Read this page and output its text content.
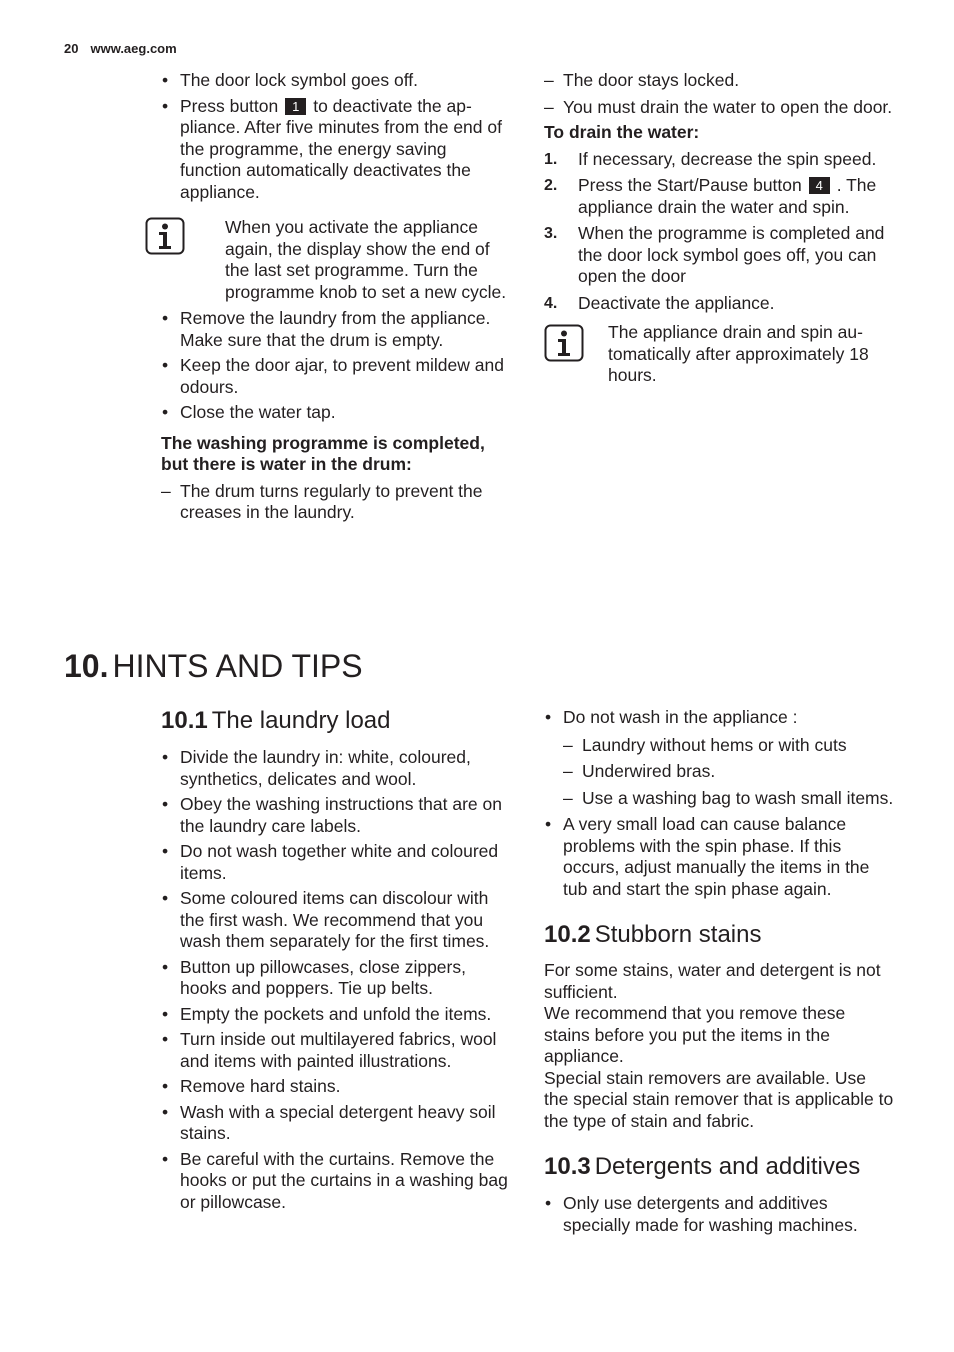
20 www.aeg.com
• The door lock symbol goes off.
• Press button 1 to deactivate the appliance. After five minutes from the end of the programme, the energy saving function automatically deactivates the appliance.
When you activate the appliance again, the display show the end of the last set programme. Turn the programme knob to set a new cycle.
• Remove the laundry from the appliance. Make sure that the drum is empty.
• Keep the door ajar, to prevent mildew and odours.
• Close the water tap.

The washing programme is completed, but there is water in the drum:

– The drum turns regularly to prevent the creases in the laundry.
– The door stays locked.
– You must drain the water to open the door.

To drain the water:

1. If necessary, decrease the spin speed.
2. Press the Start/Pause button 4 . The appliance drain the water and spin.
3. When the programme is completed and the door lock symbol goes off, you can open the door
4. Deactivate the appliance.
The appliance drain and spin automatically after approximately 18 hours.
10. HINTS AND TIPS
10.1 The laundry load
• Divide the laundry in: white, coloured, synthetics, delicates and wool.
• Obey the washing instructions that are on the laundry care labels.
• Do not wash together white and coloured items.
• Some coloured items can discolour with the first wash. We recommend that you wash them separately for the first times.
• Button up pillowcases, close zippers, hooks and poppers. Tie up belts.
• Empty the pockets and unfold the items.
• Turn inside out multilayered fabrics, wool and items with painted illustrations.
• Remove hard stains.
• Wash with a special detergent heavy soil stains.
• Be careful with the curtains. Remove the hooks or put the curtains in a washing bag or pillowcase.
• Do not wash in the appliance :
– Laundry without hems or with cuts
– Underwired bras.
– Use a washing bag to wash small items.
• A very small load can cause balance problems with the spin phase. If this occurs, adjust manually the items in the tub and start the spin phase again.
10.2 Stubborn stains

For some stains, water and detergent is not sufficient.

We recommend that you remove these stains before you put the items in the appliance.

Special stain removers are available. Use the special stain remover that is applicable to the type of stain and fabric.

10.3 Detergents and additives
• Only use detergents and additives specially made for washing machines.
